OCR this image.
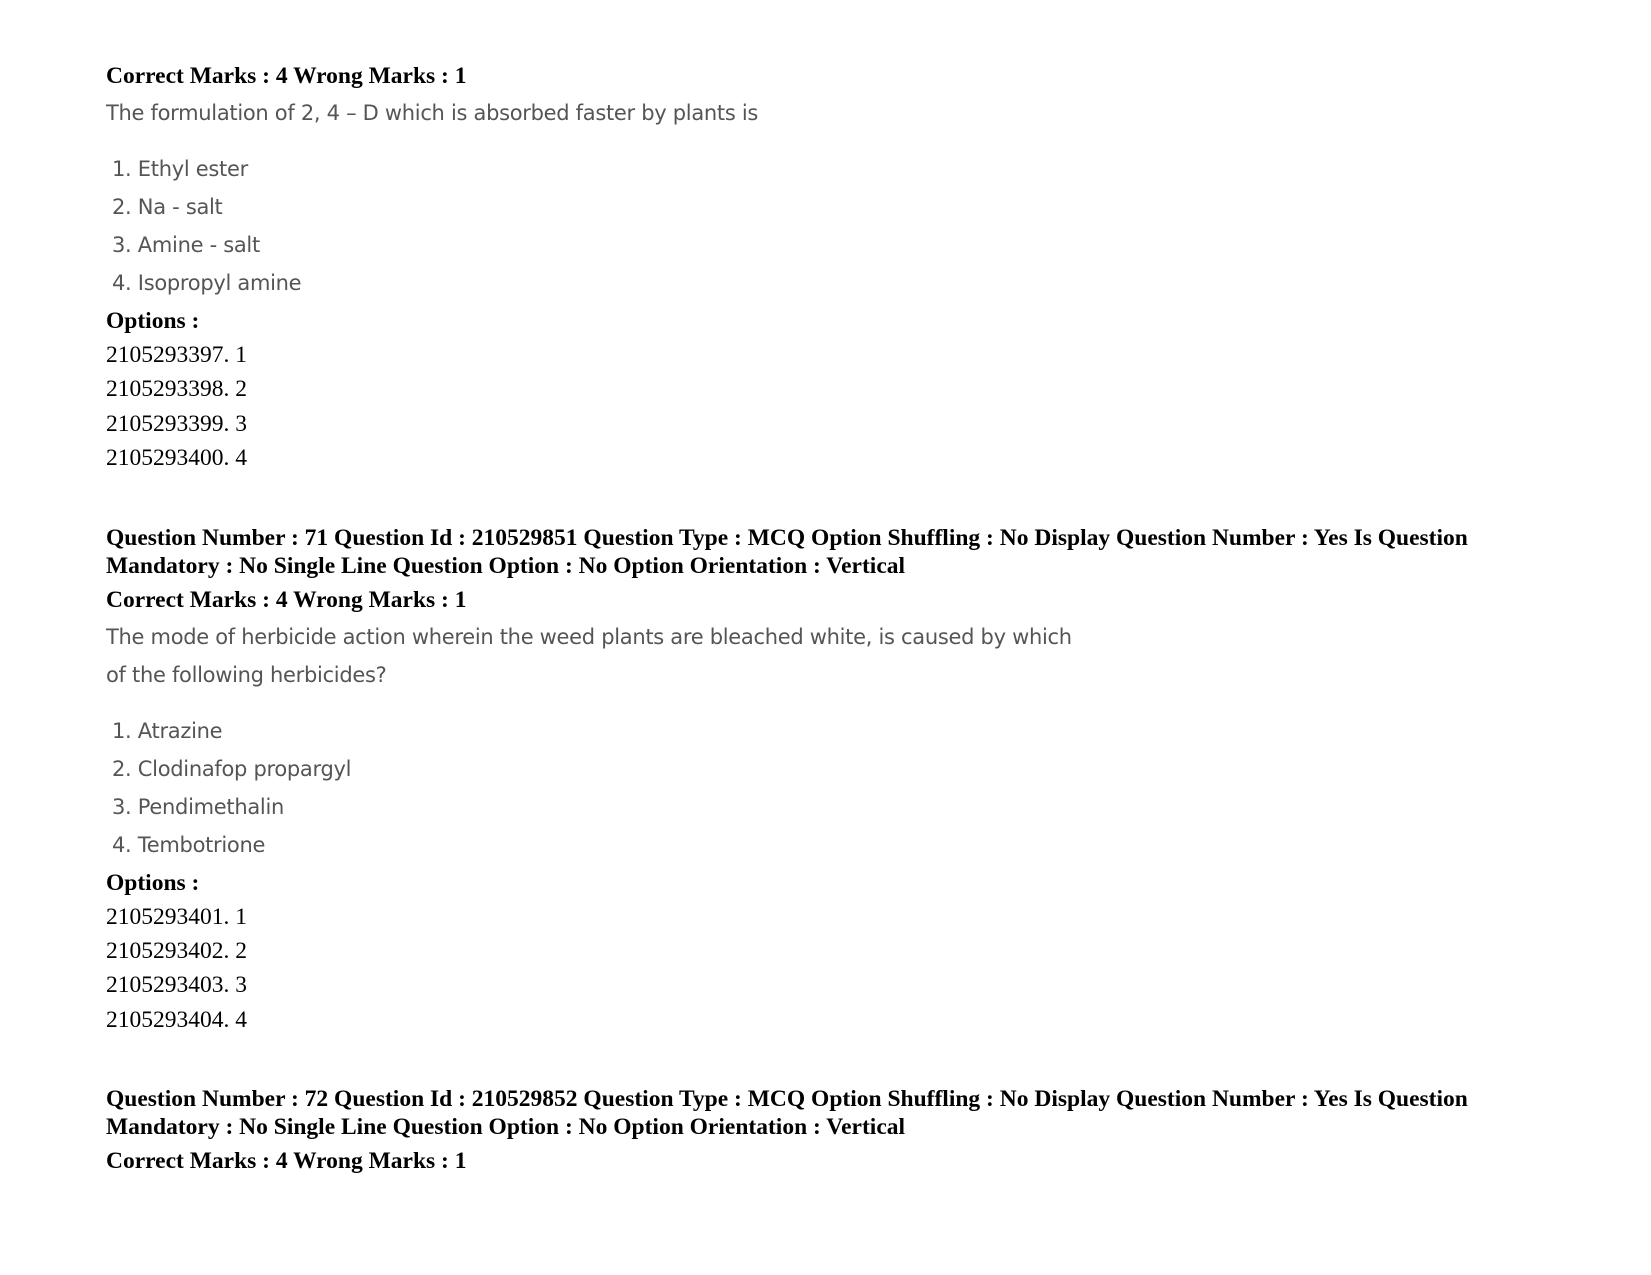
Correct Marks : 4 Wrong Marks : 1
The formulation of 2, 4 – D which is absorbed faster by plants is
1. Ethyl ester
2. Na - salt
3. Amine - salt
4. Isopropyl amine
Options :
2105293397. 1
2105293398. 2
2105293399. 3
2105293400. 4
Question Number : 71 Question Id : 210529851 Question Type : MCQ Option Shuffling : No Display Question Number : Yes Is Question Mandatory : No Single Line Question Option : No Option Orientation : Vertical
Correct Marks : 4 Wrong Marks : 1
The mode of herbicide action wherein the weed plants are bleached white, is caused by which
of the following herbicides?
1. Atrazine
2. Clodinafop propargyl
3. Pendimethalin
4. Tembotrione
Options :
2105293401. 1
2105293402. 2
2105293403. 3
2105293404. 4
Question Number : 72 Question Id : 210529852 Question Type : MCQ Option Shuffling : No Display Question Number : Yes Is Question Mandatory : No Single Line Question Option : No Option Orientation : Vertical
Correct Marks : 4 Wrong Marks : 1
